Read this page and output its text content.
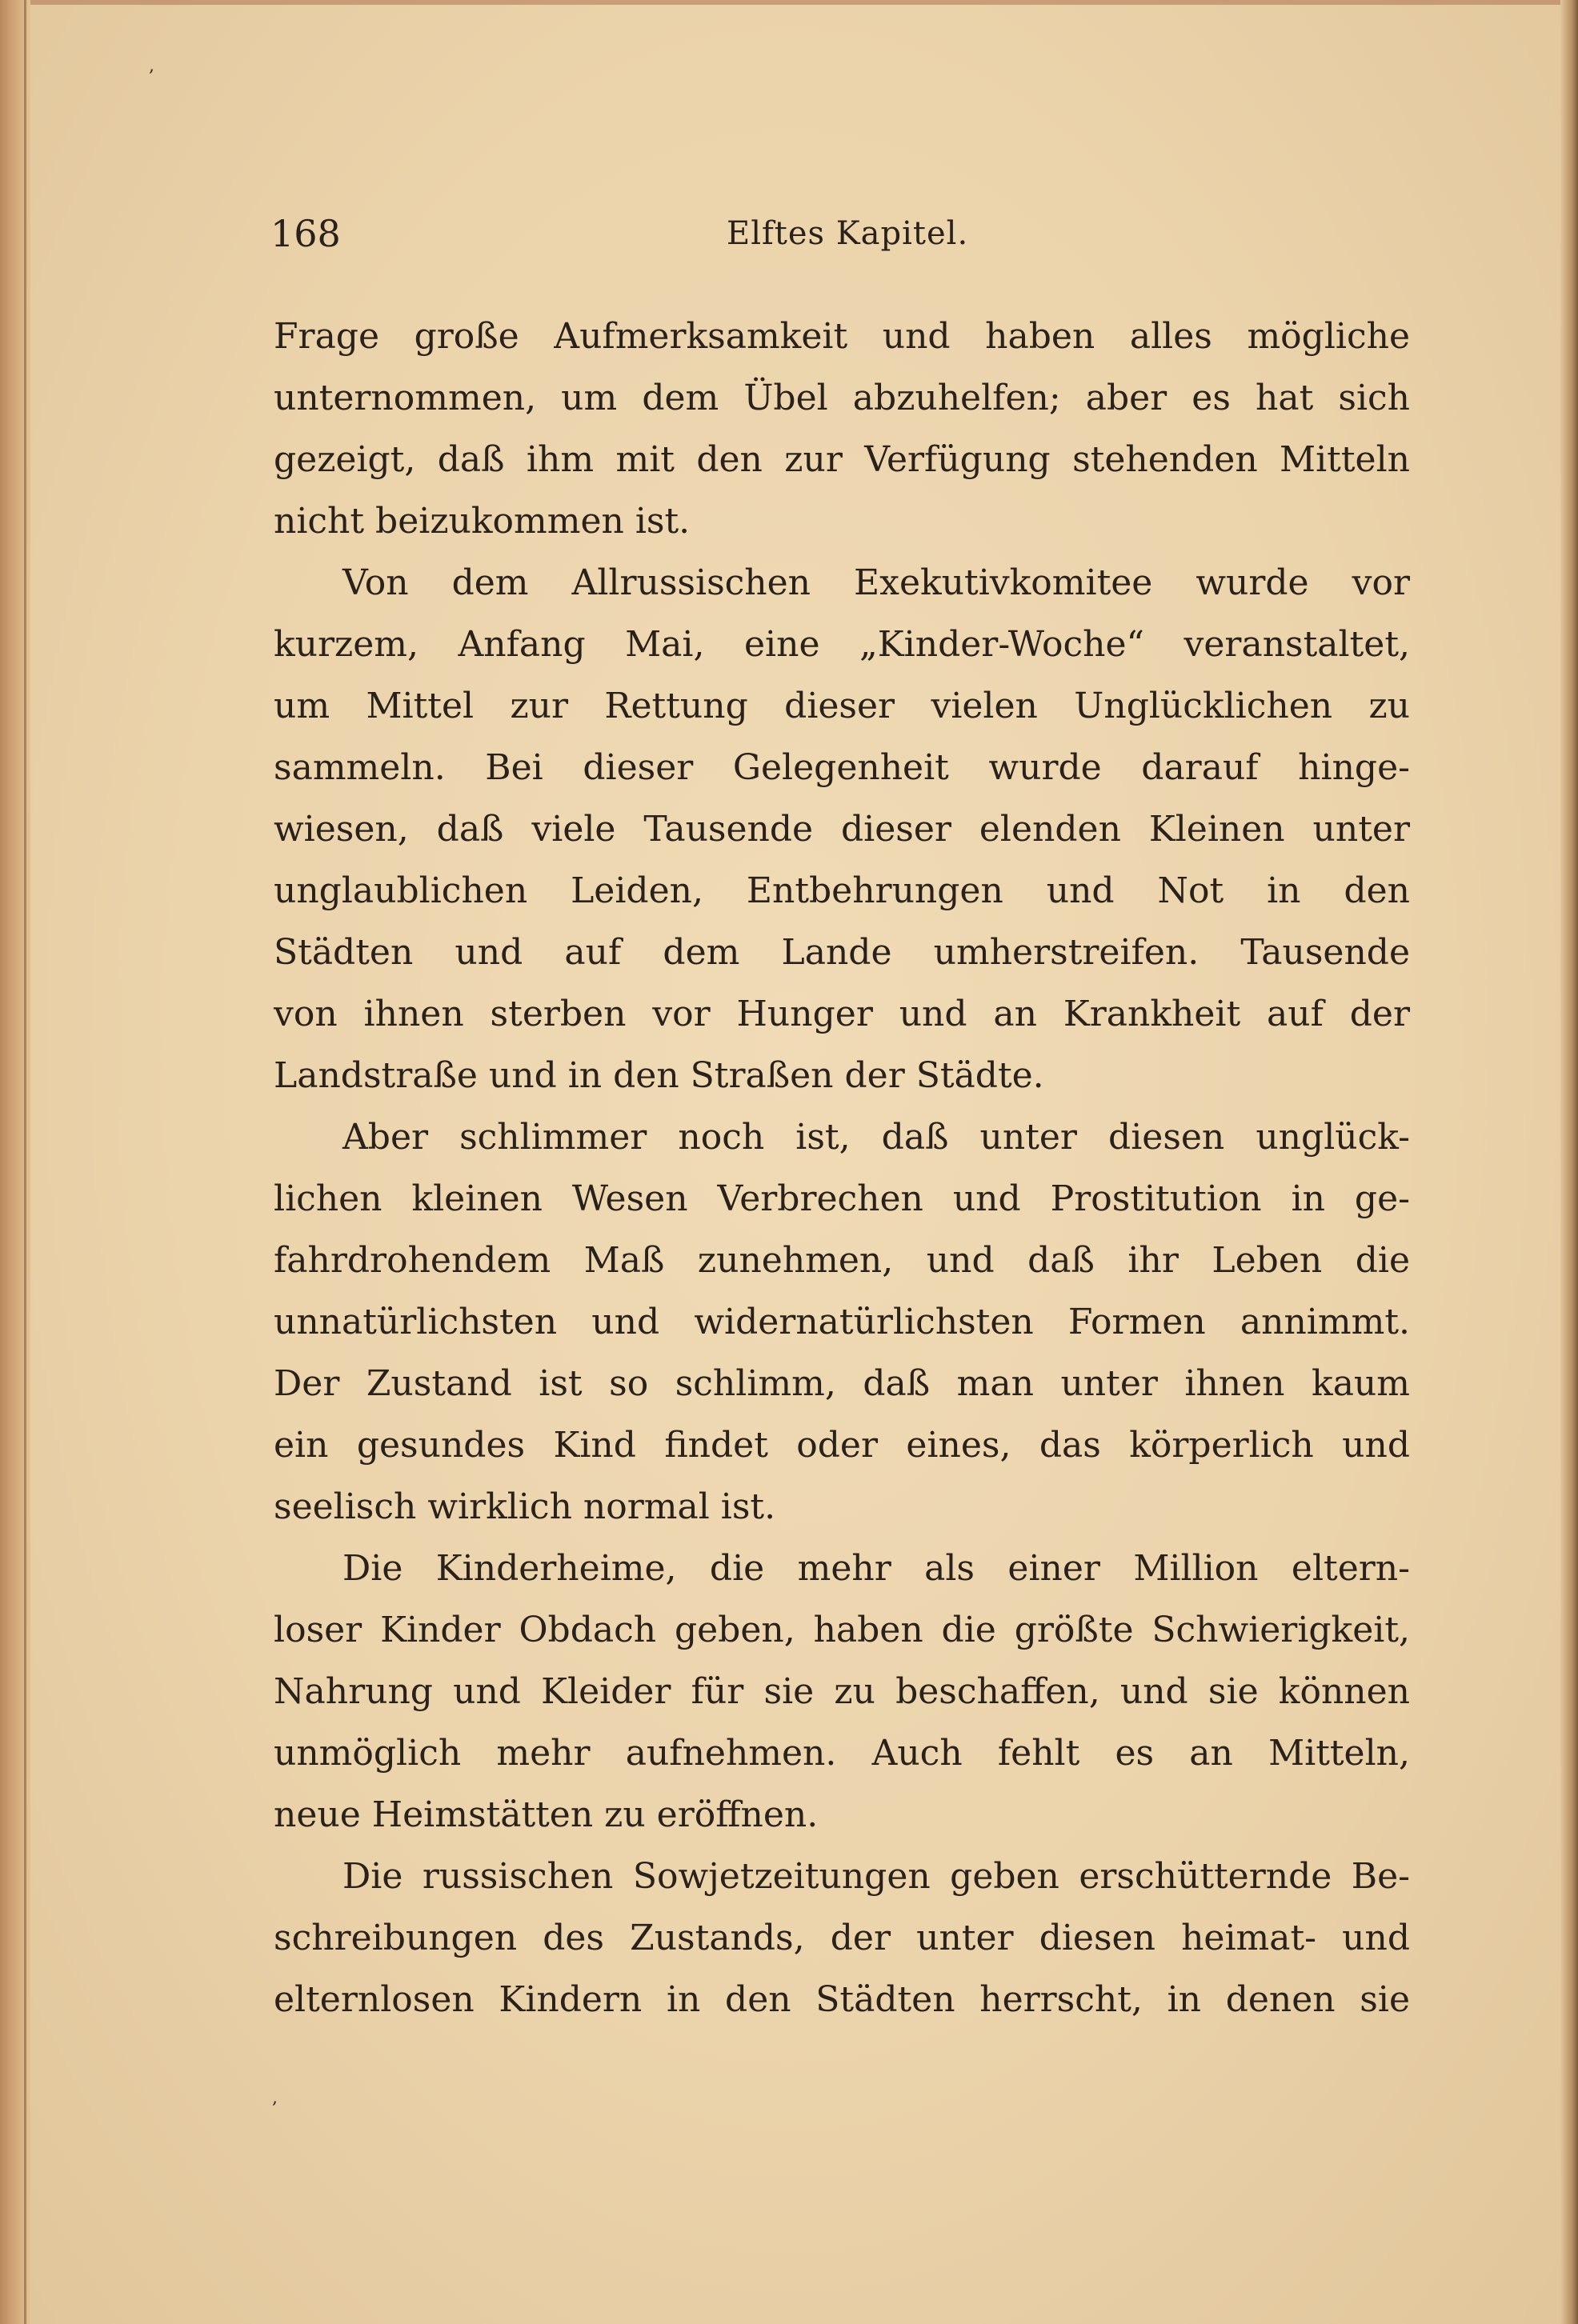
,
,
168	Elftes Kapitel.
Frage große Aufmerksamkeit und haben alles mögliche
unternommen, um dem Übel abzuhelfen; aber es hat sich
gezeigt, daß ihm mit den zur Verfügung stehenden Mitteln
nicht beizukommen ist.
Von dem Allrussischen Exekutivkomitee wurde vor
kurzem, Anfang Mai, eine „Kinder-Woche“ veranstaltet,
um Mittel zur Rettung dieser vielen Unglücklichen zu
sammeln. Bei dieser Gelegenheit wurde darauf hinge-
wiesen, daß viele Tausende dieser elenden Kleinen unter
unglaublichen Leiden, Entbehrungen und Not in den
Städten und auf dem Lande umherstreifen. Tausende
von ihnen sterben vor Hunger und an Krankheit auf der
Landstraße und in den Straßen der Städte.
Aber schlimmer noch ist, daß unter diesen unglück-
lichen kleinen Wesen Verbrechen und Prostitution in ge-
fahrdrohendem Maß zunehmen, und daß ihr Leben die
unnatürlichsten und widernatürlichsten Formen annimmt.
Der Zustand ist so schlimm, daß man unter ihnen kaum
ein gesundes Kind findet oder eines, das körperlich und
seelisch wirklich normal ist.
Die Kinderheime, die mehr als einer Million eltern-
loser Kinder Obdach geben, haben die größte Schwierigkeit,
Nahrung und Kleider für sie zu beschaffen, und sie können
unmöglich mehr aufnehmen. Auch fehlt es an Mitteln,
neue Heimstätten zu eröffnen.
Die russischen Sowjetzeitungen geben erschütternde Be-
schreibungen des Zustands, der unter diesen heimat- und
elternlosen Kindern in den Städten herrscht, in denen sie
